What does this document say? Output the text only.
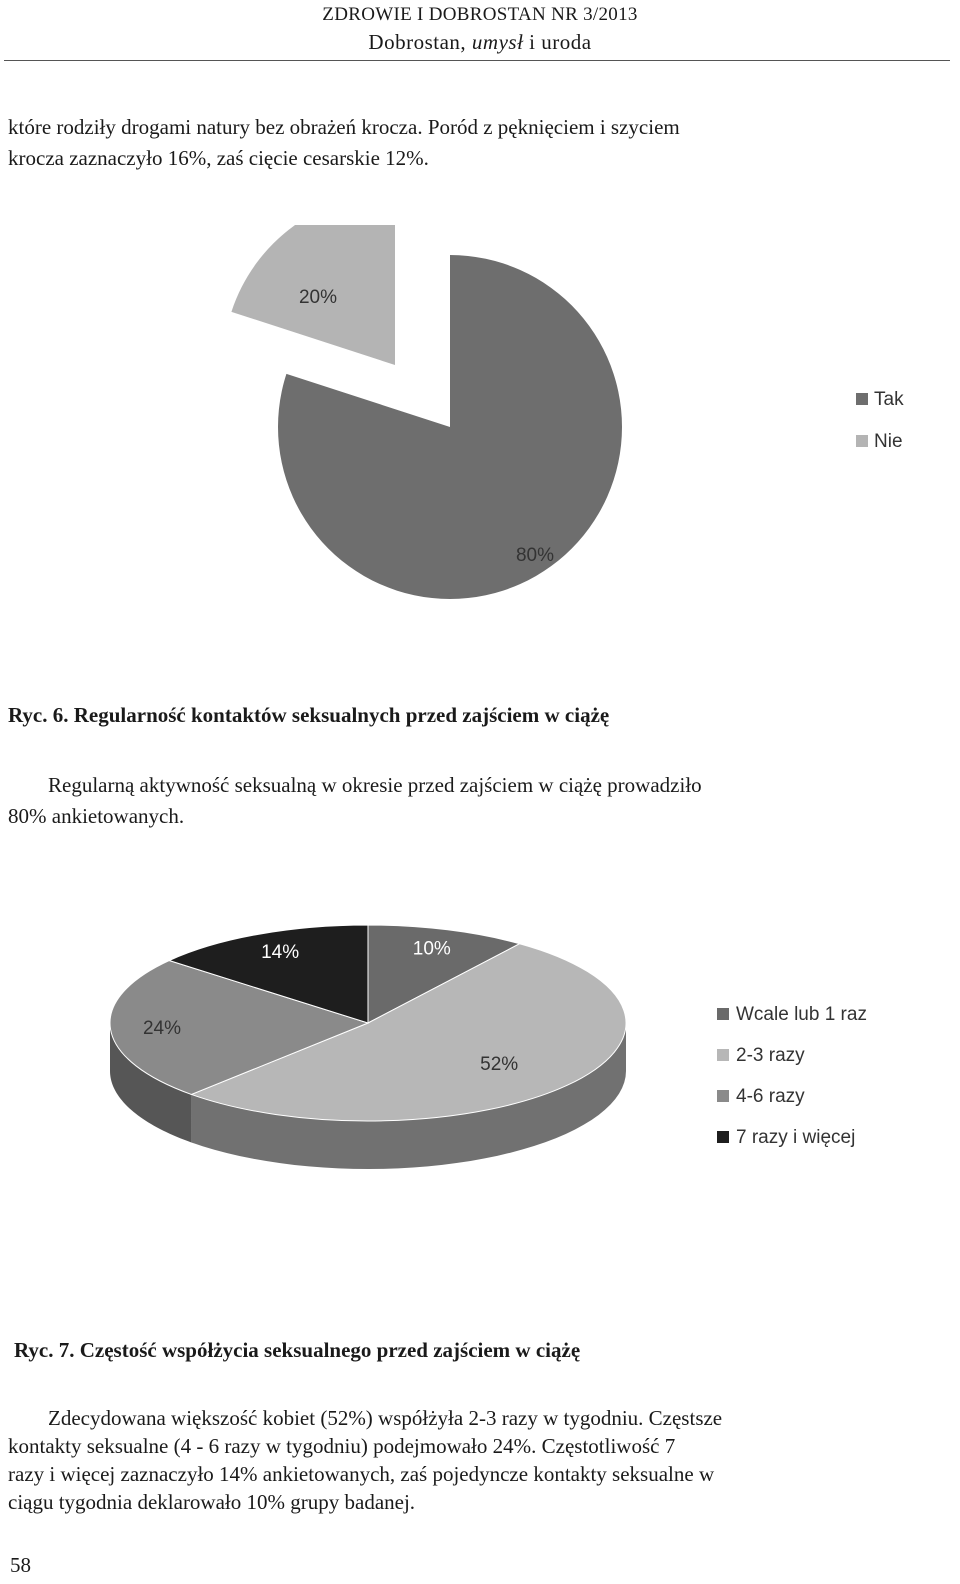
ZDROWIE I DOBROSTAN NR 3/2013
Dobrostan, umysł i uroda
które rodziły drogami natury bez obrażeń krocza. Poród z pęknięciem i szyciem
krocza zaznaczyło 16%, zaś cięcie cesarskie 12%.
80%
20%
Tak
Nie
Ryc. 6. Regularność kontaktów seksualnych przed zajściem w ciążę
Regularną aktywność seksualną w okresie przed zajściem w ciążę prowadziło
80% ankietowanych.
10%
52%
24%
14%
Wcale lub 1 raz
2-3 razy
4-6 razy
7 razy i więcej
Ryc. 7. Częstość współżycia seksualnego przed zajściem w ciążę
Zdecydowana większość kobiet (52%) współżyła 2-3 razy w tygodniu. Częstsze
kontakty seksualne (4 - 6 razy w tygodniu) podejmowało 24%. Częstotliwość 7
razy i więcej zaznaczyło 14% ankietowanych, zaś pojedyncze kontakty seksualne w
ciągu tygodnia deklarowało 10% grupy badanej.
58
